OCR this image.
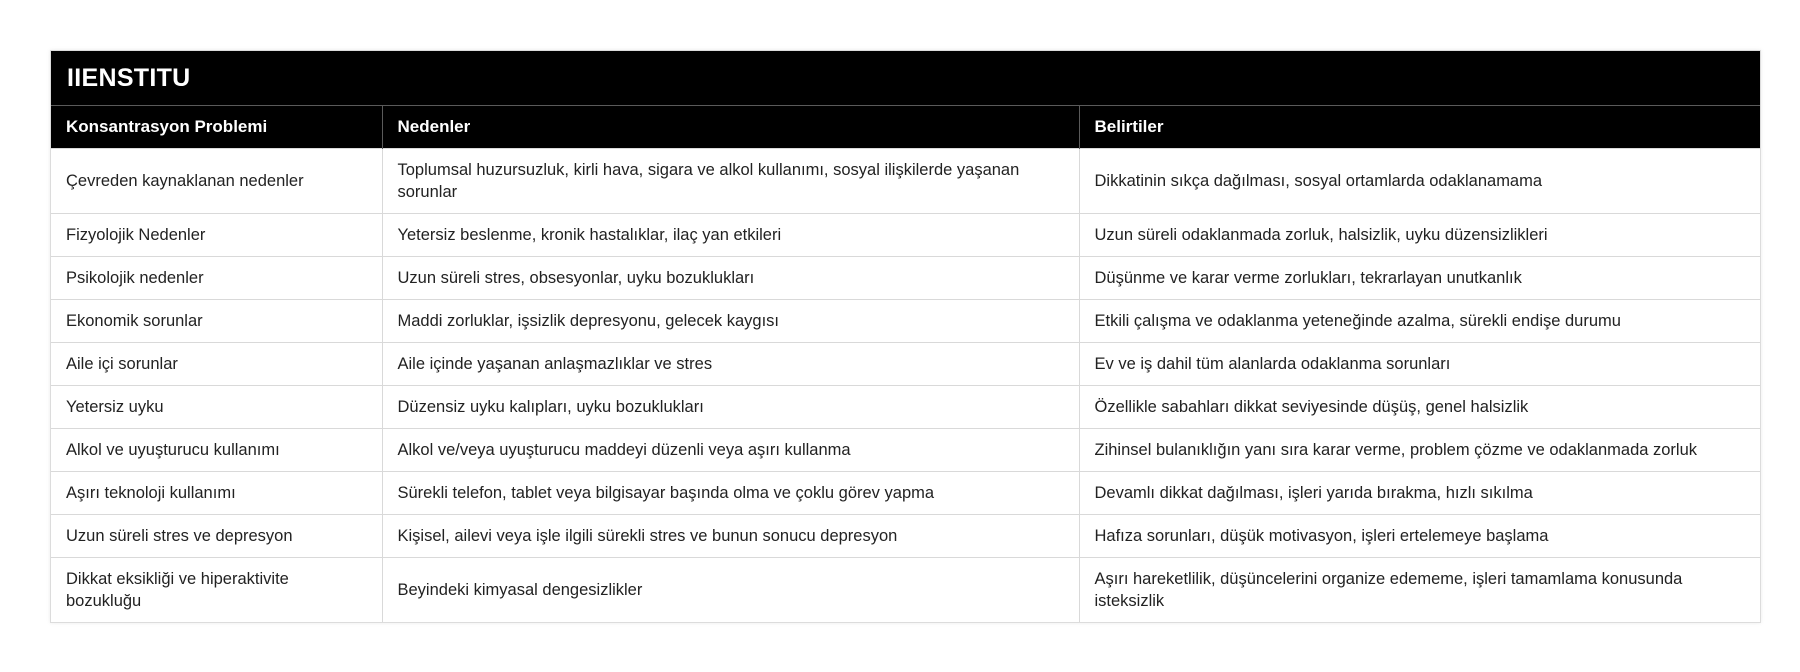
IIENSTITU
Konsantrasyon Problemi	Nedenler	Belirtiler
Çevreden kaynaklanan nedenler	Toplumsal huzursuzluk, kirli hava, sigara ve alkol kullanımı, sosyal ilişkilerde yaşanan sorunlar	Dikkatinin sıkça dağılması, sosyal ortamlarda odaklanamama
Fizyolojik Nedenler	Yetersiz beslenme, kronik hastalıklar, ilaç yan etkileri	Uzun süreli odaklanmada zorluk, halsizlik, uyku düzensizlikleri
Psikolojik nedenler	Uzun süreli stres, obsesyonlar, uyku bozuklukları	Düşünme ve karar verme zorlukları, tekrarlayan unutkanlık
Ekonomik sorunlar	Maddi zorluklar, işsizlik depresyonu, gelecek kaygısı	Etkili çalışma ve odaklanma yeteneğinde azalma, sürekli endişe durumu
Aile içi sorunlar	Aile içinde yaşanan anlaşmazlıklar ve stres	Ev ve iş dahil tüm alanlarda odaklanma sorunları
Yetersiz uyku	Düzensiz uyku kalıpları, uyku bozuklukları	Özellikle sabahları dikkat seviyesinde düşüş, genel halsizlik
Alkol ve uyuşturucu kullanımı	Alkol ve/veya uyuşturucu maddeyi düzenli veya aşırı kullanma	Zihinsel bulanıklığın yanı sıra karar verme, problem çözme ve odaklanmada zorluk
Aşırı teknoloji kullanımı	Sürekli telefon, tablet veya bilgisayar başında olma ve çoklu görev yapma	Devamlı dikkat dağılması, işleri yarıda bırakma, hızlı sıkılma
Uzun süreli stres ve depresyon	Kişisel, ailevi veya işle ilgili sürekli stres ve bunun sonucu depresyon	Hafıza sorunları, düşük motivasyon, işleri ertelemeye başlama
Dikkat eksikliği ve hiperaktivite bozukluğu	Beyindeki kimyasal dengesizlikler	Aşırı hareketlilik, düşüncelerini organize edememe, işleri tamamlama konusunda isteksizlik
